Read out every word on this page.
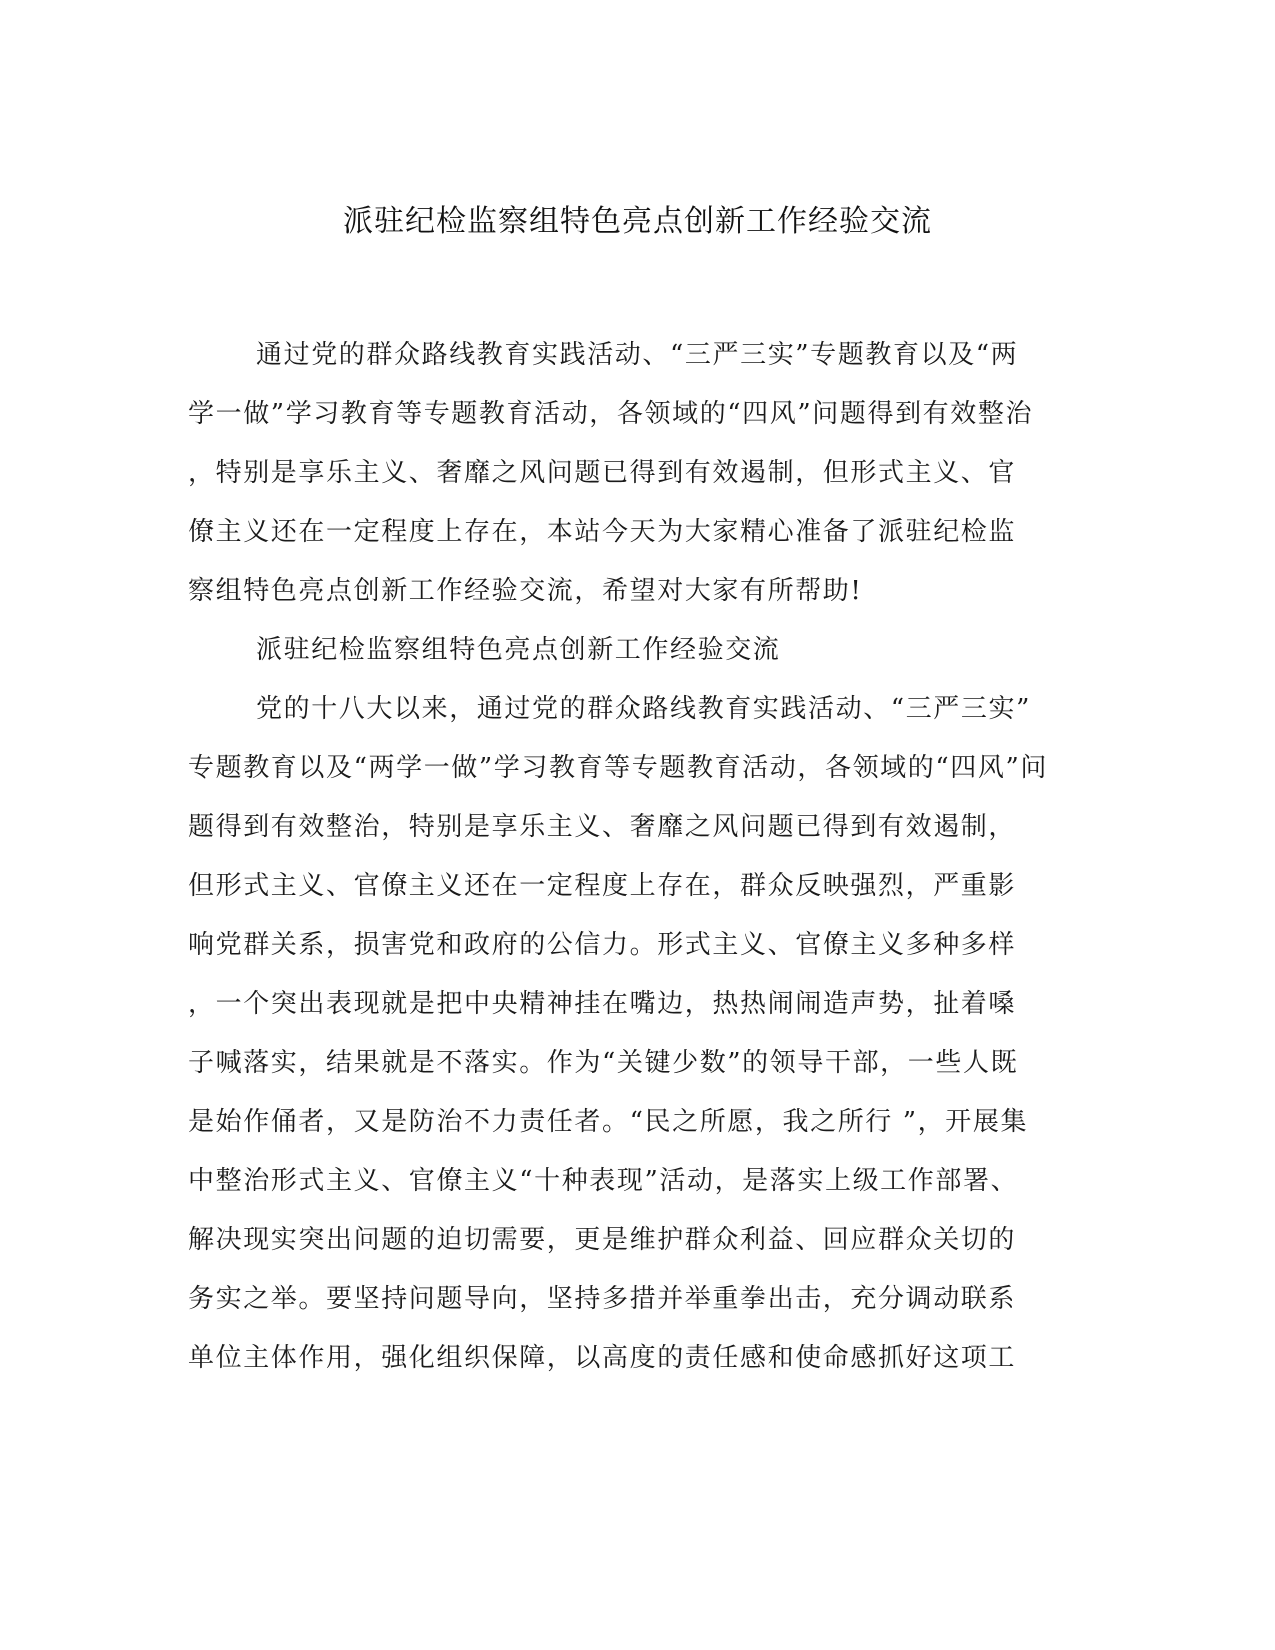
派驻纪检监察组特色亮点创新工作经验交流
通过党的群众路线教育实践活动、“三严三实”专题教育以及“两
学一做”学习教育等专题教育活动，各领域的“四风”问题得到有效整治
，特别是享乐主义、奢靡之风问题已得到有效遏制，但形式主义、官
僚主义还在一定程度上存在，本站今天为大家精心准备了派驻纪检监
察组特色亮点创新工作经验交流，希望对大家有所帮助!
派驻纪检监察组特色亮点创新工作经验交流
党的十八大以来，通过党的群众路线教育实践活动、“三严三实”
专题教育以及“两学一做”学习教育等专题教育活动，各领域的“四风”问
题得到有效整治，特别是享乐主义、奢靡之风问题已得到有效遏制，
但形式主义、官僚主义还在一定程度上存在，群众反映强烈，严重影
响党群关系，损害党和政府的公信力。形式主义、官僚主义多种多样
，一个突出表现就是把中央精神挂在嘴边，热热闹闹造声势，扯着嗓
子喊落实，结果就是不落实。作为“关键少数”的领导干部，一些人既
是始作俑者，又是防治不力责任者。“民之所愿，我之所行 ”，开展集
中整治形式主义、官僚主义“十种表现”活动，是落实上级工作部署、
解决现实突出问题的迫切需要，更是维护群众利益、回应群众关切的
务实之举。要坚持问题导向，坚持多措并举重拳出击，充分调动联系
单位主体作用，强化组织保障，以高度的责任感和使命感抓好这项工
